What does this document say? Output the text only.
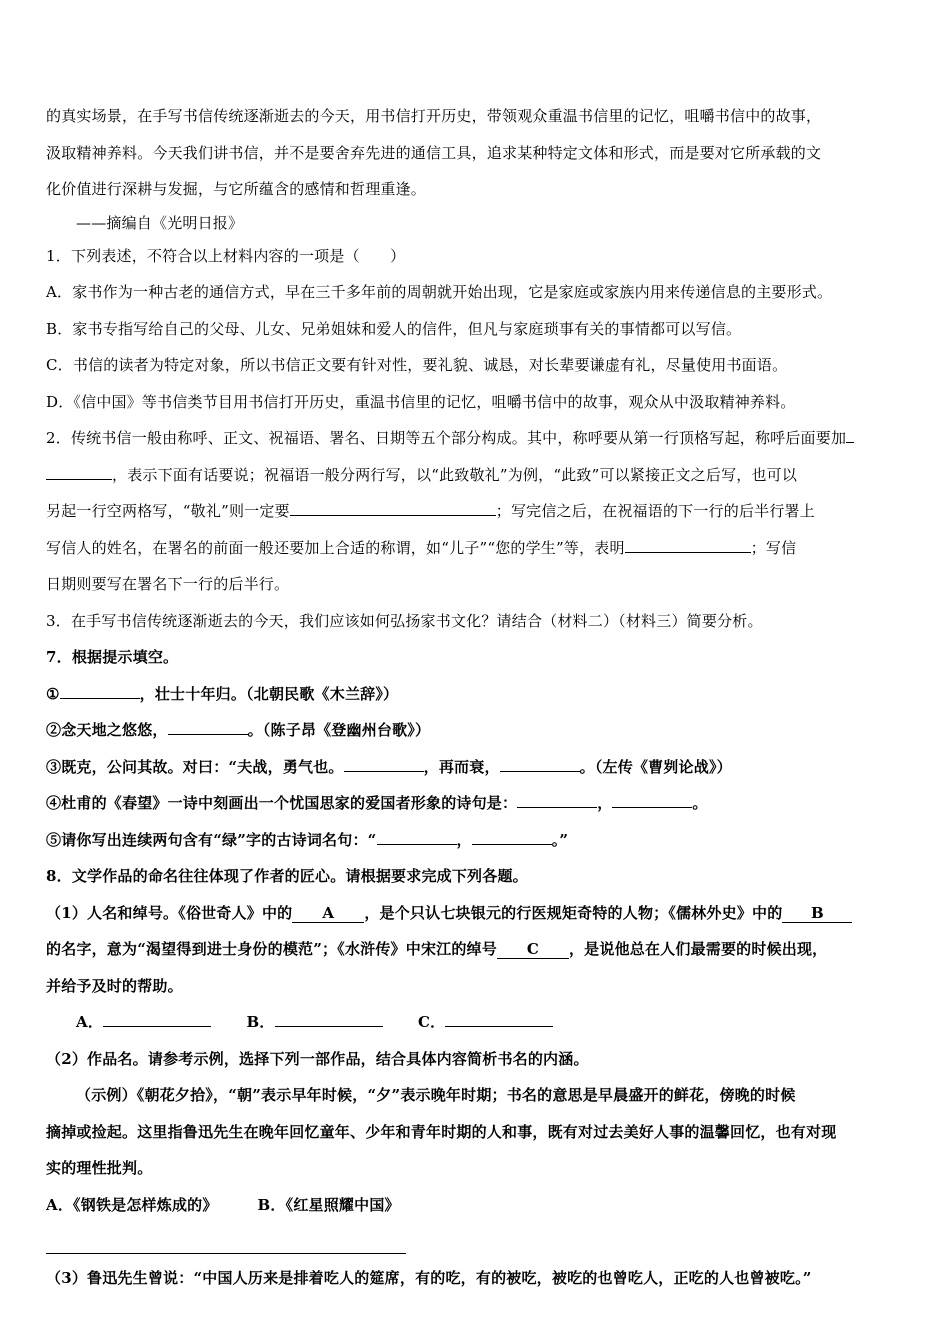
的真实场景，在手写书信传统逐渐逝去的今天，用书信打开历史，带领观众重温书信里的记忆，咀嚼书信中的故事，
汲取精神养料。今天我们讲书信，并不是要舍弃先进的通信工具，追求某种特定文体和形式，而是要对它所承载的文
化价值进行深耕与发掘，与它所蕴含的感情和哲理重逢。
——摘编自《光明日报》
1．下列表述，不符合以上材料内容的一项是（　　）
A．家书作为一种古老的通信方式，早在三千多年前的周朝就开始出现，它是家庭或家族内用来传递信息的主要形式。
B．家书专指写给自己的父母、儿女、兄弟姐妹和爱人的信件，但凡与家庭琐事有关的事情都可以写信。
C．书信的读者为特定对象，所以书信正文要有针对性，要礼貌、诚恳，对长辈要谦虚有礼，尽量使用书面语。
D．《信中国》等书信类节目用书信打开历史，重温书信里的记忆，咀嚼书信中的故事，观众从中汲取精神养料。
2．传统书信一般由称呼、正文、祝福语、署名、日期等五个部分构成。其中，称呼要从第一行顶格写起，称呼后面要加
，表示下面有话要说；祝福语一般分两行写，以“此致敬礼”为例，“此致”可以紧接正文之后写，也可以
另起一行空两格写，“敬礼”则一定要	；写完信之后，在祝福语的下一行的后半行署上
写信人的姓名，在署名的前面一般还要加上合适的称谓，如“儿子”“您的学生”等，表明	；写信
日期则要写在署名下一行的后半行。
3．在手写书信传统逐渐逝去的今天，我们应该如何弘扬家书文化？请结合（材料二）（材料三）简要分析。
7．根据提示填空。
①	，壮士十年归。（北朝民歌《木兰辞》）
②念天地之悠悠，	。（陈子昂《登幽州台歌》）
③既克，公问其故。对曰：“夫战，勇气也。	，再而衰，	。（左传《曹刿论战》）
④杜甫的《春望》一诗中刻画出一个忧国思家的爱国者形象的诗句是：	，	。
⑤请你写出连续两句含有“绿”字的古诗词名句：“	，	。”
8．文学作品的命名往往体现了作者的匠心。请根据要求完成下列各题。
（1）人名和绰号。《俗世奇人》中的 A ，是个只认七块银元的行医规矩奇特的人物；《儒林外史》中的 B
的名字，意为“渴望得到进士身份的模范”；《水浒传》中宋江的绰号 C ，是说他总在人们最需要的时候出现，
并给予及时的帮助。
A．	B．	C．
（2）作品名。请参考示例，选择下列一部作品，结合具体内容简析书名的内涵。
（示例）《朝花夕拾》，“朝”表示早年时候，“夕”表示晚年时期；书名的意思是早晨盛开的鲜花，傍晚的时候
摘掉或捡起。这里指鲁迅先生在晚年回忆童年、少年和青年时期的人和事，既有对过去美好人事的温馨回忆，也有对现
实的理性批判。
A．《钢铁是怎样炼成的》	B．《红星照耀中国》
（3）鲁迅先生曾说：“中国人历来是排着吃人的筵席，有的吃，有的被吃，被吃的也曾吃人，正吃的人也曾被吃。”
